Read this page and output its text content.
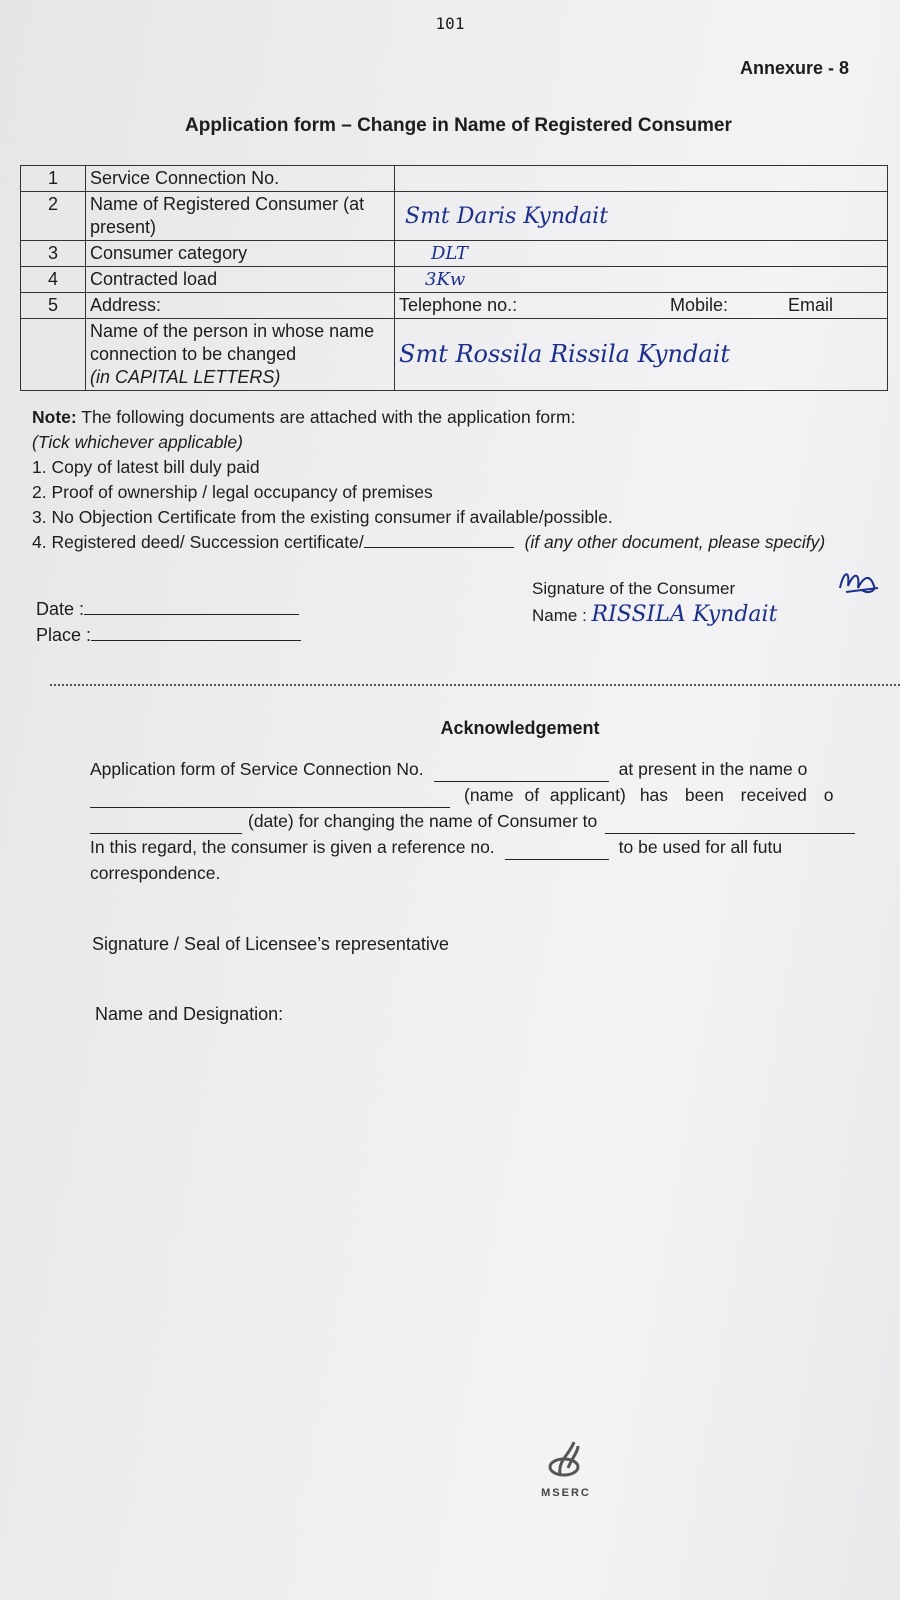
101
Annexure - 8
Application form – Change in Name of Registered Consumer
1	Service Connection No.	
2	Name of Registered Consumer (at present)	Smt Daris Kyndait
3	Consumer category	DLT
4	Contracted load	3Kw
5	Address:	Telephone no.: Mobile: Email

	Name of the person in whose name
connection to be changed
(in CAPITAL LETTERS)	Smt Rossila Rissila Kyndait
Note: The following documents are attached with the application form:
(Tick whichever applicable)

1. Copy of latest bill duly paid

2. Proof of ownership / legal occupancy of premises

3. No Objection Certificate from the existing consumer if available/possible.

4. Registered deed/ Succession certificate/	(if any other document, please specify)

Date :
Place :
Signature of the Consumer
Name : RISSILA Kyndait
Acknowledgement
Application form of Service Connection No.	at present in the name o
(name of applicant) has been received o
(date) for changing the name of Consumer to
In this regard, the consumer is given a reference no.	to be used for all futu
correspondence.
Signature / Seal of Licensee’s representative
Name and Designation:
MSERC
